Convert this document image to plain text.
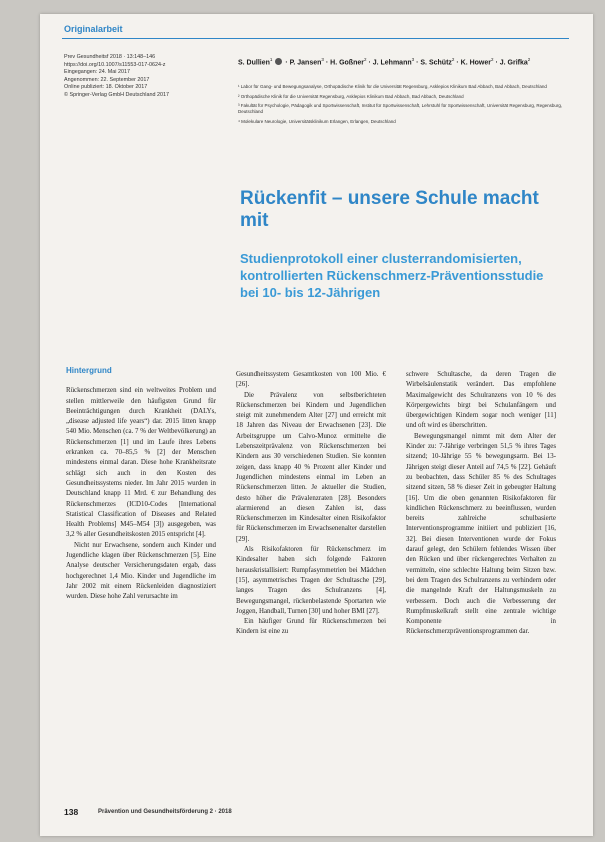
Originalarbeit
Prev Gesundheitsf 2018 · 13:148–146
https://doi.org/10.1007/s11553-017-0624-z
Eingegangen: 24. Mai 2017
Angenommen: 22. September 2017
Online publiziert: 18. Oktober 2017
© Springer-Verlag GmbH Deutschland 2017
S. Dullien$^1$  · P. Jansen$^3$ · H. Goßner$^2$ · J. Lehmann$^3$ · S. Schütz$^2$ · K. Hower$^2$ · J. Grifka$^2$

¹ Labor für Gang- und Bewegungsanalyse, Orthopädische Klinik für die Universität Regensburg, Asklepios Klinikum Bad Abbach, Bad Abbach, Deutschland

² Orthopädische Klinik für die Universität Regensburg, Asklepios Klinikum Bad Abbach, Bad Abbach, Deutschland

³ Fakultät für Psychologie, Pädagogik und Sportwissenschaft, Institut für Sportwissenschaft, Lehrstuhl für Sportwissenschaft, Universität Regensburg, Regensburg, Deutschland

⁴ Molekulare Neurologie, Universitätsklinikum Erlangen, Erlangen, Deutschland

Rückenfit – unsere Schule macht mit
Studienprotokoll einer clusterrandomisierten, kontrollierten Rückenschmerz-Präventionsstudie bei 10- bis 12-Jährigen
Hintergrund

Rückenschmerzen sind ein weltweites Problem und stellen mittlerweile den häufigsten Grund für Beeinträchtigungen durch Krankheit (DALYs, „disease adjusted life years“) dar. 2015 litten knapp 540 Mio. Menschen (ca. 7 % der Weltbevölkerung) an Rückenschmerzen [1] und im Laufe ihres Lebens erkranken ca. 70–85,5 % [2] der Menschen mindestens einmal daran. Diese hohe Krankheitsrate schlägt sich auch in den Kosten des Gesundheitssystems nieder. Im Jahr 2015 wurden in Deutschland knapp 11 Mrd. € zur Behandlung des Rückenschmerzes (ICD10-Codes [International Statistical Classification of Diseases and Related Health Problems] M45–M54 [3]) ausgegeben, was 3,2 % aller Gesundheitskosten 2015 entspricht [4].

Nicht nur Erwachsene, sondern auch Kinder und Jugendliche klagen über Rückenschmerzen [5]. Eine Analyse deutscher Versicherungsdaten ergab, dass hochgerechnet 1,4 Mio. Kinder und Jugendliche im Jahr 2002 mit einem Rückenleiden diagnostiziert wurden. Diese hohe Zahl verursachte im

Gesundheitssystem Gesamtkosten von 100 Mio. € [26].

Die Prävalenz von selbstberichteten Rückenschmerzen bei Kindern und Jugendlichen steigt mit zunehmendem Alter [27] und erreicht mit 18 Jahren das Niveau der Erwachsenen [23]. Die Arbeitsgruppe um Calvo-Munoz ermittelte die Lebenszeitprävalenz von Rückenschmerzen bei Kindern aus 30 verschiedenen Studien. Sie konnten zeigen, dass knapp 40 % Prozent aller Kinder und Jugendlichen mindestens einmal im Leben an Rückenschmerzen litten. Je aktueller die Studien, desto höher die Prävalenzraten [28]. Besonders alarmierend an diesen Zahlen ist, dass Rückenschmerzen im Kindesalter einen Risikofaktor für Rückenschmerzen im Erwachsenenalter darstellen [29].

Als Risikofaktoren für Rückenschmerz im Kindesalter haben sich folgende Faktoren herauskristallisiert: Rumpfasymmetrien bei Mädchen [15], asymmetrisches Tragen der Schultasche [29], langes Tragen des Schulranzens [4], Bewegungsmangel, rückenbelastende Sportarten wie Joggen, Handball, Turnen [30] und hoher BMI [27].

Ein häufiger Grund für Rückenschmerzen bei Kindern ist eine zu

schwere Schultasche, da deren Tragen die Wirbelsäulenstatik verändert. Das empfohlene Maximalgewicht des Schulranzens von 10 % des Körpergewichts birgt bei Schulanfängern und übergewichtigen Kindern sogar noch weniger [11] und oft wird es überschritten.

Bewegungsmangel nimmt mit dem Alter der Kinder zu: 7-Jährige verbringen 51,5 % ihres Tages sitzend; 10-Jährige 55 % bewegungsarm. Bei 13-Jährigen steigt dieser Anteil auf 74,5 % [22]. Gehäuft zu beobachten, dass Schüler 85 % des Schultages sitzend sitzen, 58 % dieser Zeit in gebeugter Haltung [16]. Um die oben genannten Risikofaktoren für kindlichen Rückenschmerz zu beeinflussen, wurden bereits zahlreiche schulbasierte Interventionsprogramme initiiert und publiziert [16, 32]. Bei diesen Interventionen wurde der Fokus darauf gelegt, den Schülern fehlendes Wissen über den Rücken und über rückengerechtes Verhalten zu vermitteln, eine schlechte Haltung beim Sitzen bzw. bei dem Tragen des Schulranzens zu verhindern oder die mangelnde Kraft der Haltungsmuskeln zu verbessern. Doch auch die Verbesserung der Rumpfmuskelkraft stellt eine zentrale wichtige Komponente in Rückenschmerzpräventionsprogrammen dar.

138	Prävention und Gesundheitsförderung 2 · 2018
